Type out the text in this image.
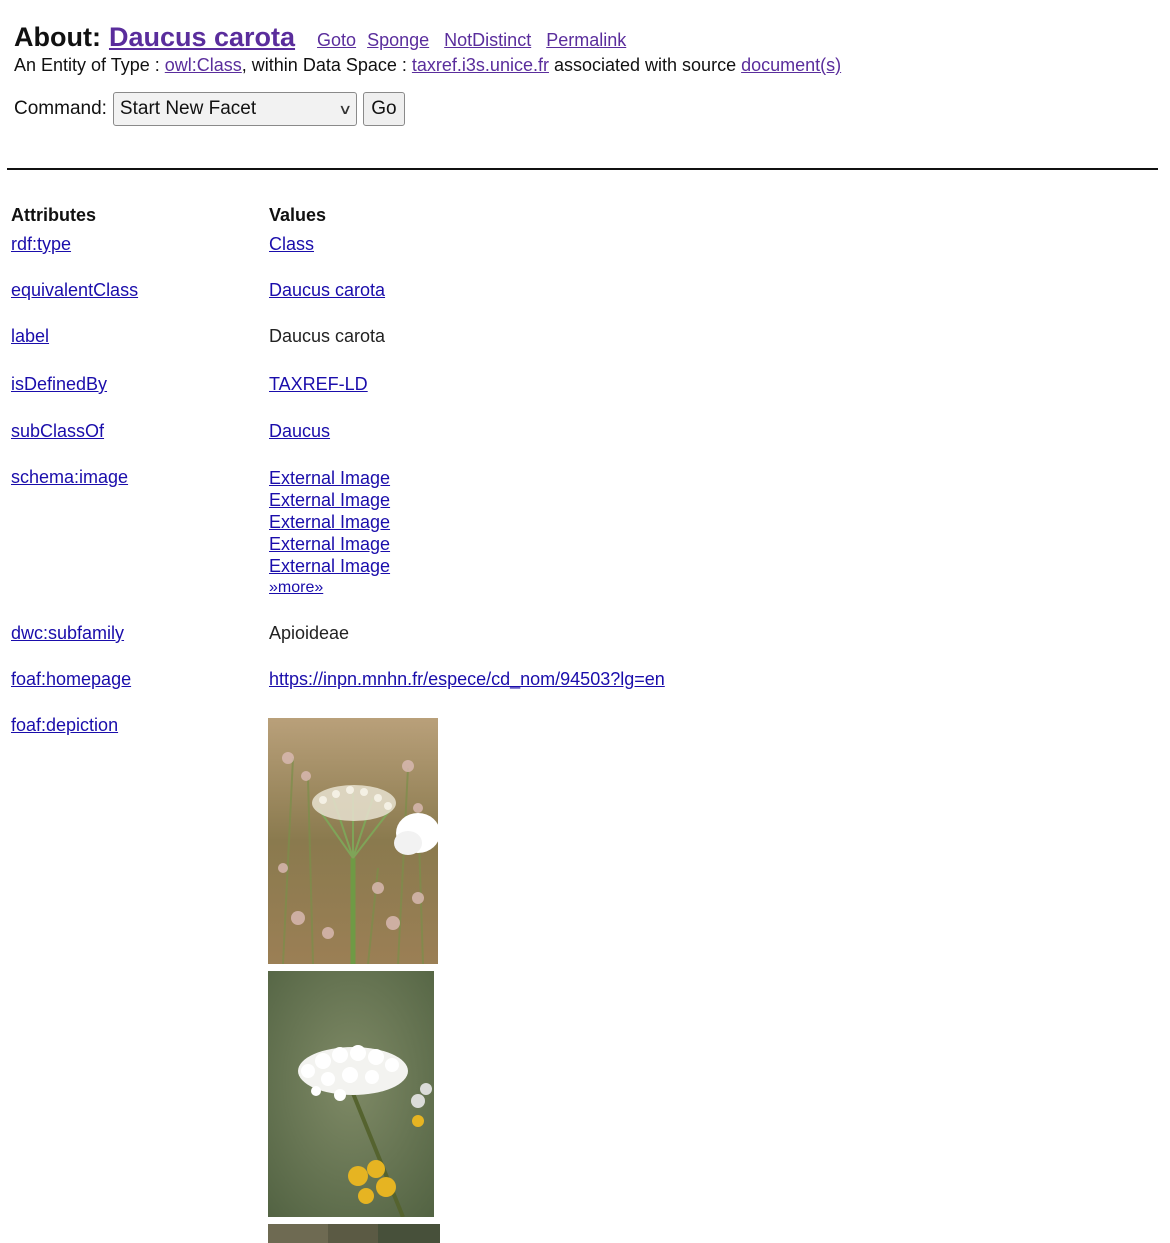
About: Daucus carota Goto Sponge NotDistinct Permalink
An Entity of Type : owl:Class, within Data Space : taxref.i3s.unice.fr associated with source document(s)
Command: Start New Facet	∨	Go
Attributes	Values
rdf:type	Class
equivalentClass	Daucus carota
label	Daucus carota
isDefinedBy	TAXREF-LD
subClassOf	Daucus
schema:image	External Image
External Image
External Image
External Image
External Image
»more»
dwc:subfamily	Apioideae
foaf:homepage	https://inpn.mnhn.fr/espece/cd_nom/94503?lg=en
foaf:depiction
